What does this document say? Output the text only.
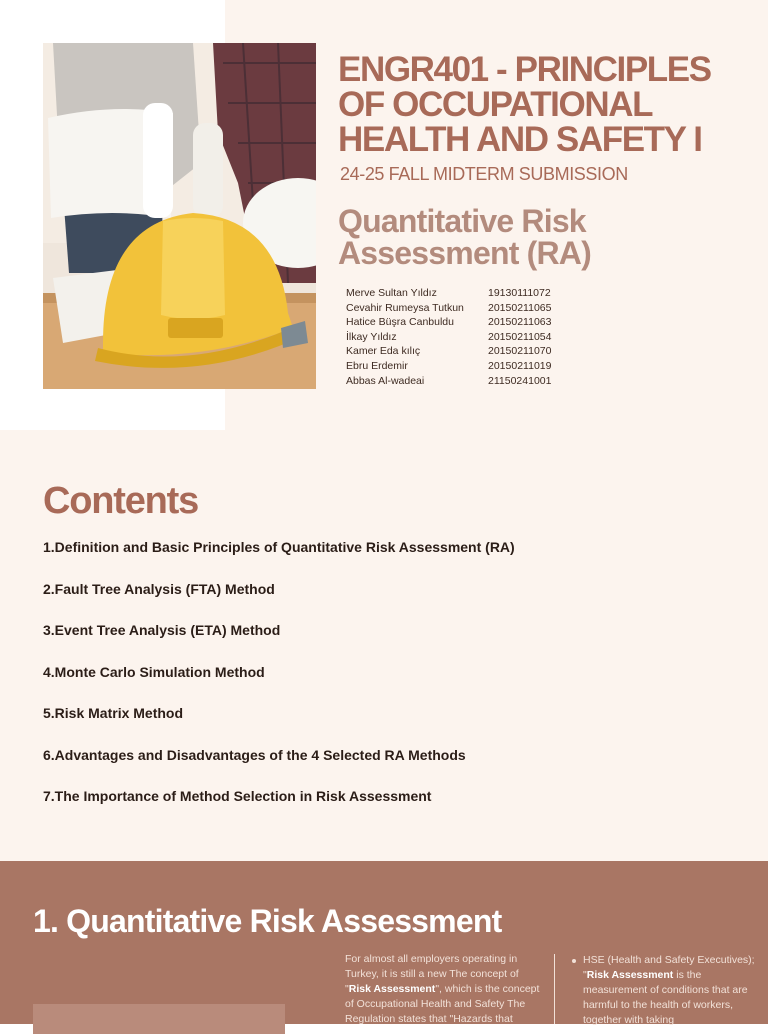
ENGR401 - PRINCIPLES OF OCCUPATIONAL HEALTH AND SAFETY I
24-25 FALL MIDTERM SUBMISSION
Quantitative Risk Assessment (RA)
Merve Sultan Yıldız	19130111072
Cevahir Rumeysa Tutkun	20150211065
Hatice Büşra Canbuldu	20150211063
İlkay Yıldız	20150211054
Kamer Eda kılıç	20150211070
Ebru Erdemir	20150211019
Abbas Al-wadeai	21150241001
Contents
1.Definition and Basic Principles of Quantitative Risk Assessment (RA)
2.Fault Tree Analysis (FTA) Method
3.Event Tree Analysis (ETA) Method
4.Monte Carlo Simulation Method
5.Risk Matrix Method
6.Advantages and Disadvantages of the 4 Selected RA Methods
7.The Importance of Method Selection in Risk Assessment
1. Quantitative Risk Assessment

For almost all employers operating in Turkey, it is still a new The concept of "Risk Assessment", which is the concept of Occupational Health and Safety The Regulation states that "Hazards that

HSE (Health and Safety Executives); "Risk Assessment is the measurement of conditions that are harmful to the health of workers, together with taking
